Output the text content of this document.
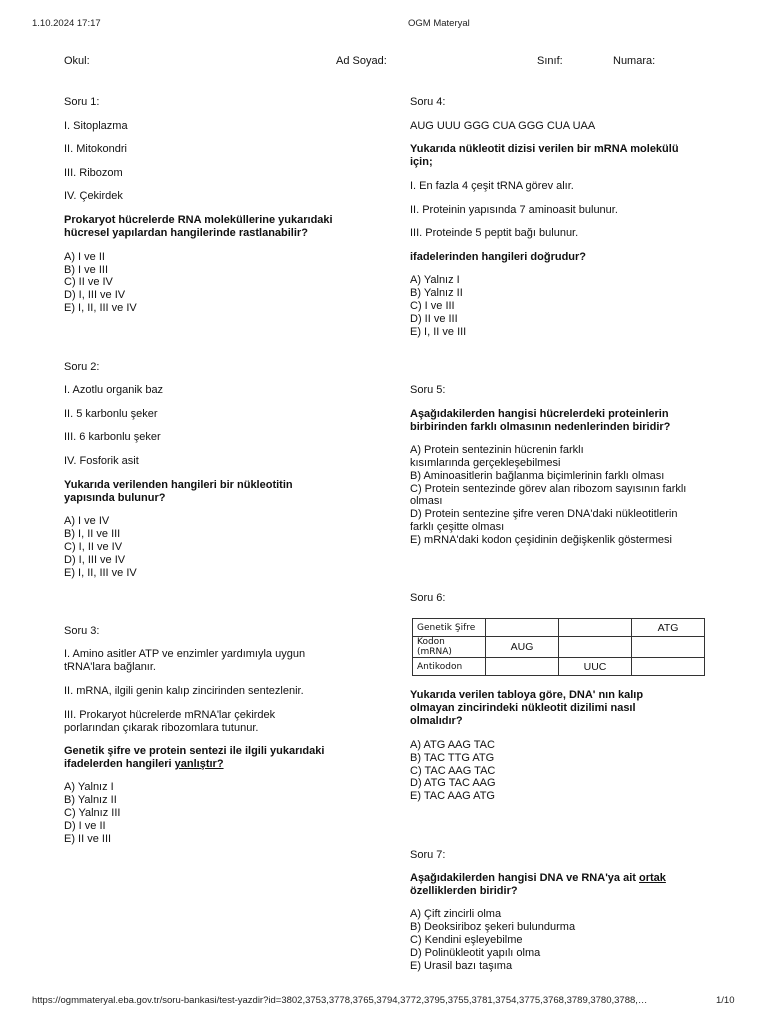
1.10.2024 17:17	OGM Materyal
Okul:	Ad Soyad:	Sınıf:	Numara:
Soru 1:
I. Sitoplazma
II. Mitokondri
III. Ribozom
IV. Çekirdek
Prokaryot hücrelerde RNA moleküllerine yukarıdaki
hücresel yapılardan hangilerinde rastlanabilir?
A) I ve II
B) I ve III
C) II ve IV
D) I, III ve IV
E) I, II, III ve IV
Soru 2:
I. Azotlu organik baz
II. 5 karbonlu şeker
III. 6 karbonlu şeker
IV. Fosforik asit
Yukarıda verilenden hangileri bir nükleotitin
yapısında bulunur?
A) I ve IV
B) I, II ve III
C) I, II ve IV
D) I, III ve IV
E) I, II, III ve IV
Soru 3:
I. Amino asitler ATP ve enzimler yardımıyla uygun
tRNA'lara bağlanır.
II. mRNA, ilgili genin kalıp zincirinden sentezlenir.
III. Prokaryot hücrelerde mRNA'lar çekirdek
porlarından çıkarak ribozomlara tutunur.
Genetik şifre ve protein sentezi ile ilgili yukarıdaki
ifadelerden hangileri yanlıştır?
A) Yalnız I
B) Yalnız II
C) Yalnız III
D) I ve II
E) II ve III
Soru 4:
AUG UUU GGG CUA GGG CUA UAA
Yukarıda nükleotit dizisi verilen bir mRNA molekülü
için;
I. En fazla 4 çeşit tRNA görev alır.
II. Proteinin yapısında 7 aminoasit bulunur.
III. Proteinde 5 peptit bağı bulunur.
ifadelerinden hangileri doğrudur?
A) Yalnız I
B) Yalnız II
C) I ve III
D) II ve III
E) I, II ve III
Soru 5:
Aşağıdakilerden hangisi hücrelerdeki proteinlerin
birbirinden farklı olmasının nedenlerinden biridir?
A) Protein sentezinin hücrenin farklı
kısımlarında gerçekleşebilmesi
B) Aminoasitlerin bağlanma biçimlerinin farklı olması
C) Protein sentezinde görev alan ribozom sayısının farklı
olması
D) Protein sentezine şifre veren DNA'daki nükleotitlerin
farklı çeşitte olması
E) mRNA'daki kodon çeşidinin değişkenlik göstermesi
Soru 6:
Genetik Şifre			ATG
Kodon (mRNA)	AUG		
Antikodon		UUC	
Yukarıda verilen tabloya göre, DNA' nın kalıp
olmayan zincirindeki nükleotit dizilimi nasıl
olmalıdır?
A) ATG AAG TAC
B) TAC TTG ATG
C) TAC AAG TAC
D) ATG TAC AAG
E) TAC AAG ATG
Soru 7:
Aşağıdakilerden hangisi DNA ve RNA'ya ait ortak
özelliklerden biridir?
A) Çift zincirli olma
B) Deoksiriboz şekeri bulundurma
C) Kendini eşleyebilme
D) Polinükleotit yapılı olma
E) Urasil bazı taşıma
https://ogmmateryal.eba.gov.tr/soru-bankasi/test-yazdir?id=3802,3753,3778,3765,3794,3772,3795,3755,3781,3754,3775,3768,3789,3780,3788,…	1/10
